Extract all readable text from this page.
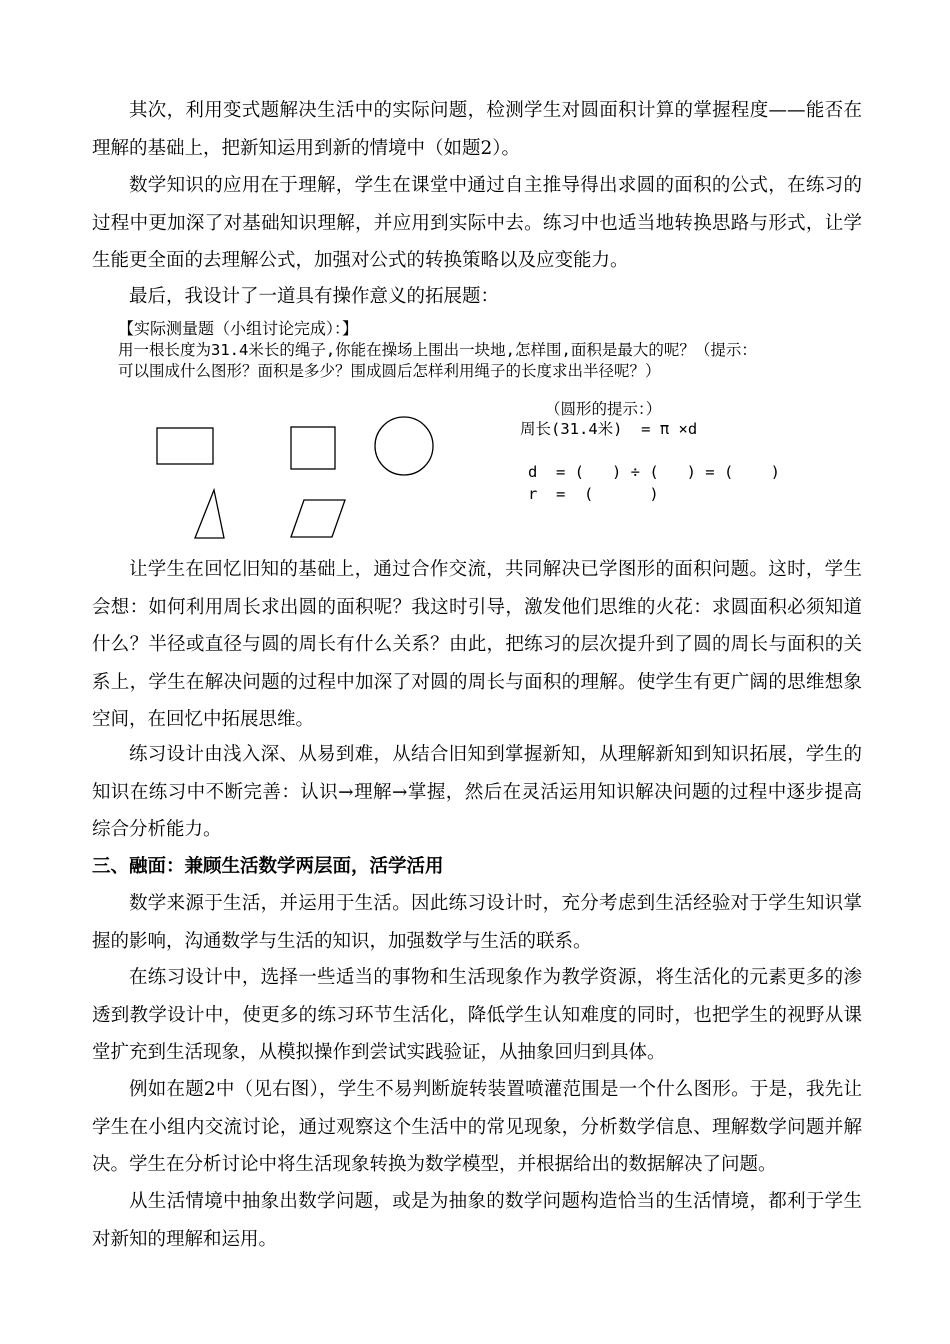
其次，利用变式题解决生活中的实际问题，检测学生对圆面积计算的掌握程度——能否在理解的基础上，把新知运用到新的情境中（如题2）。

数学知识的应用在于理解，学生在课堂中通过自主推导得出求圆的面积的公式，在练习的过程中更加深了对基础知识理解，并应用到实际中去。练习中也适当地转换思路与形式，让学生能更全面的去理解公式，加强对公式的转换策略以及应变能力。

最后，我设计了一道具有操作意义的拓展题：

【实际测量题（小组讨论完成）：】
用一根长度为31.4米长的绳子,你能在操场上围出一块地,怎样围,面积是最大的呢？（提示：可以围成什么图形？面积是多少？围成圆后怎样利用绳子的长度求出半径呢？）
（圆形的提示：）
周长(31.4米)  = π ×d
d  = (   ) ÷ (   ) = (    )
r  =  (      )

让学生在回忆旧知的基础上，通过合作交流，共同解决已学图形的面积问题。这时，学生会想：如何利用周长求出圆的面积呢？我这时引导，激发他们思维的火花：求圆面积必须知道什么？半径或直径与圆的周长有什么关系？由此，把练习的层次提升到了圆的周长与面积的关系上，学生在解决问题的过程中加深了对圆的周长与面积的理解。使学生有更广阔的思维想象空间，在回忆中拓展思维。

练习设计由浅入深、从易到难，从结合旧知到掌握新知，从理解新知到知识拓展，学生的知识在练习中不断完善：认识→理解→掌握，然后在灵活运用知识解决问题的过程中逐步提高综合分析能力。

三、融面：兼顾生活数学两层面，活学活用

数学来源于生活，并运用于生活。因此练习设计时，充分考虑到生活经验对于学生知识掌握的影响，沟通数学与生活的知识，加强数学与生活的联系。

在练习设计中，选择一些适当的事物和生活现象作为教学资源，将生活化的元素更多的渗透到教学设计中，使更多的练习环节生活化，降低学生认知难度的同时，也把学生的视野从课堂扩充到生活现象，从模拟操作到尝试实践验证，从抽象回归到具体。

例如在题2中（见右图），学生不易判断旋转装置喷灌范围是一个什么图形。于是，我先让学生在小组内交流讨论，通过观察这个生活中的常见现象，分析数学信息、理解数学问题并解决。学生在分析讨论中将生活现象转换为数学模型，并根据给出的数据解决了问题。

从生活情境中抽象出数学问题，或是为抽象的数学问题构造恰当的生活情境，都利于学生对新知的理解和运用。
